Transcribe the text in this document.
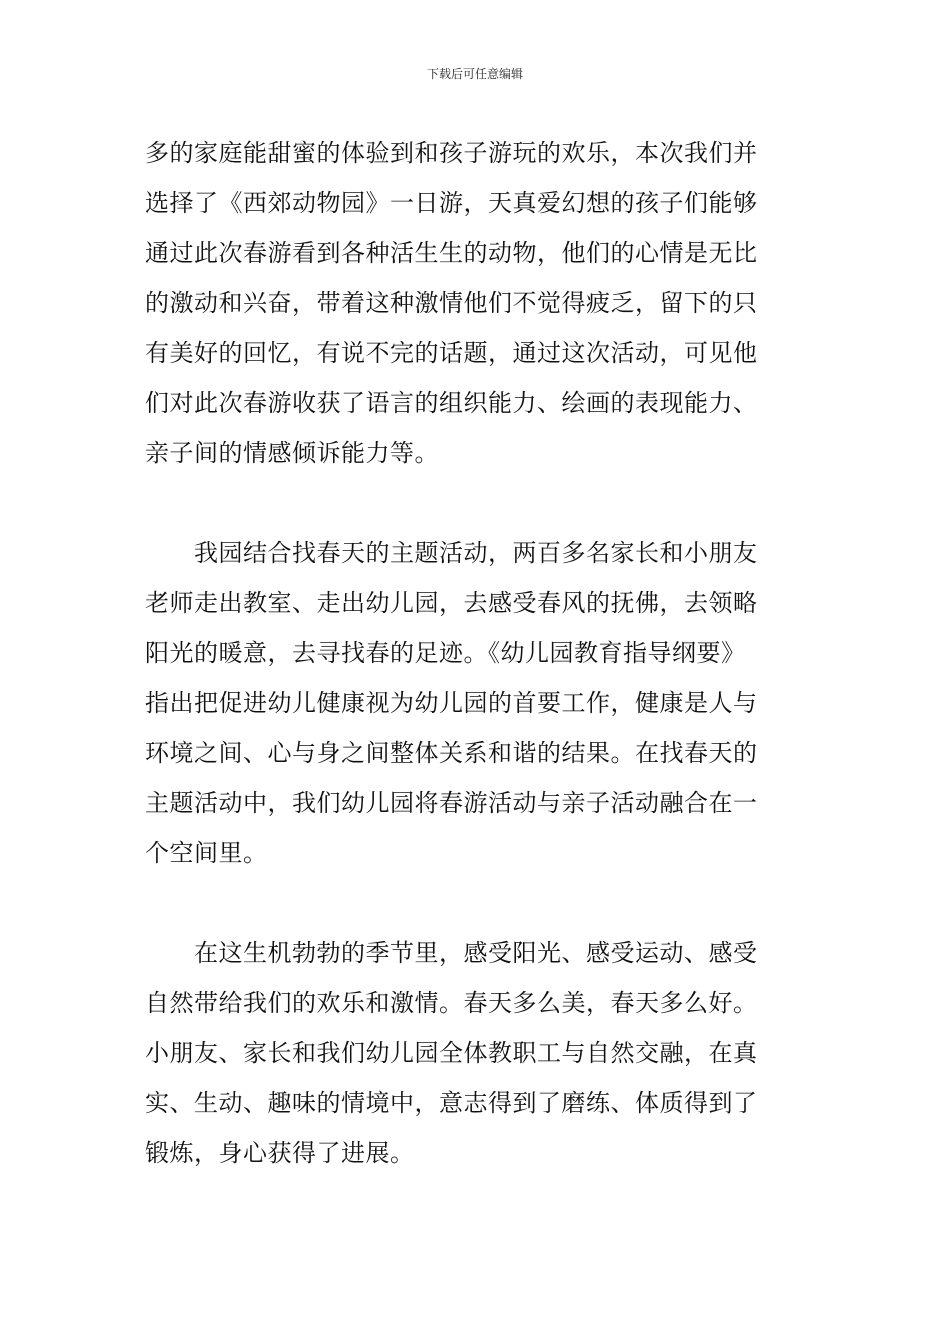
下载后可任意编辑
多的家庭能甜蜜的体验到和孩子游玩的欢乐，本次我们并
选择了《西郊动物园》一日游，天真爱幻想的孩子们能够
通过此次春游看到各种活生生的动物，他们的心情是无比
的激动和兴奋，带着这种激情他们不觉得疲乏，留下的只
有美好的回忆，有说不完的话题，通过这次活动，可见他
们对此次春游收获了语言的组织能力、绘画的表现能力、
亲子间的情感倾诉能力等。
　　我园结合找春天的主题活动，两百多名家长和小朋友
老师走出教室、走出幼儿园，去感受春风的抚佛，去领略
阳光的暖意，去寻找春的足迹。《幼儿园教育指导纲要》
指出把促进幼儿健康视为幼儿园的首要工作，健康是人与
环境之间、心与身之间整体关系和谐的结果。在找春天的
主题活动中，我们幼儿园将春游活动与亲子活动融合在一
个空间里。
　　在这生机勃勃的季节里，感受阳光、感受运动、感受
自然带给我们的欢乐和激情。春天多么美，春天多么好。
小朋友、家长和我们幼儿园全体教职工与自然交融，在真
实、生动、趣味的情境中，意志得到了磨练、体质得到了
锻炼，身心获得了进展。
